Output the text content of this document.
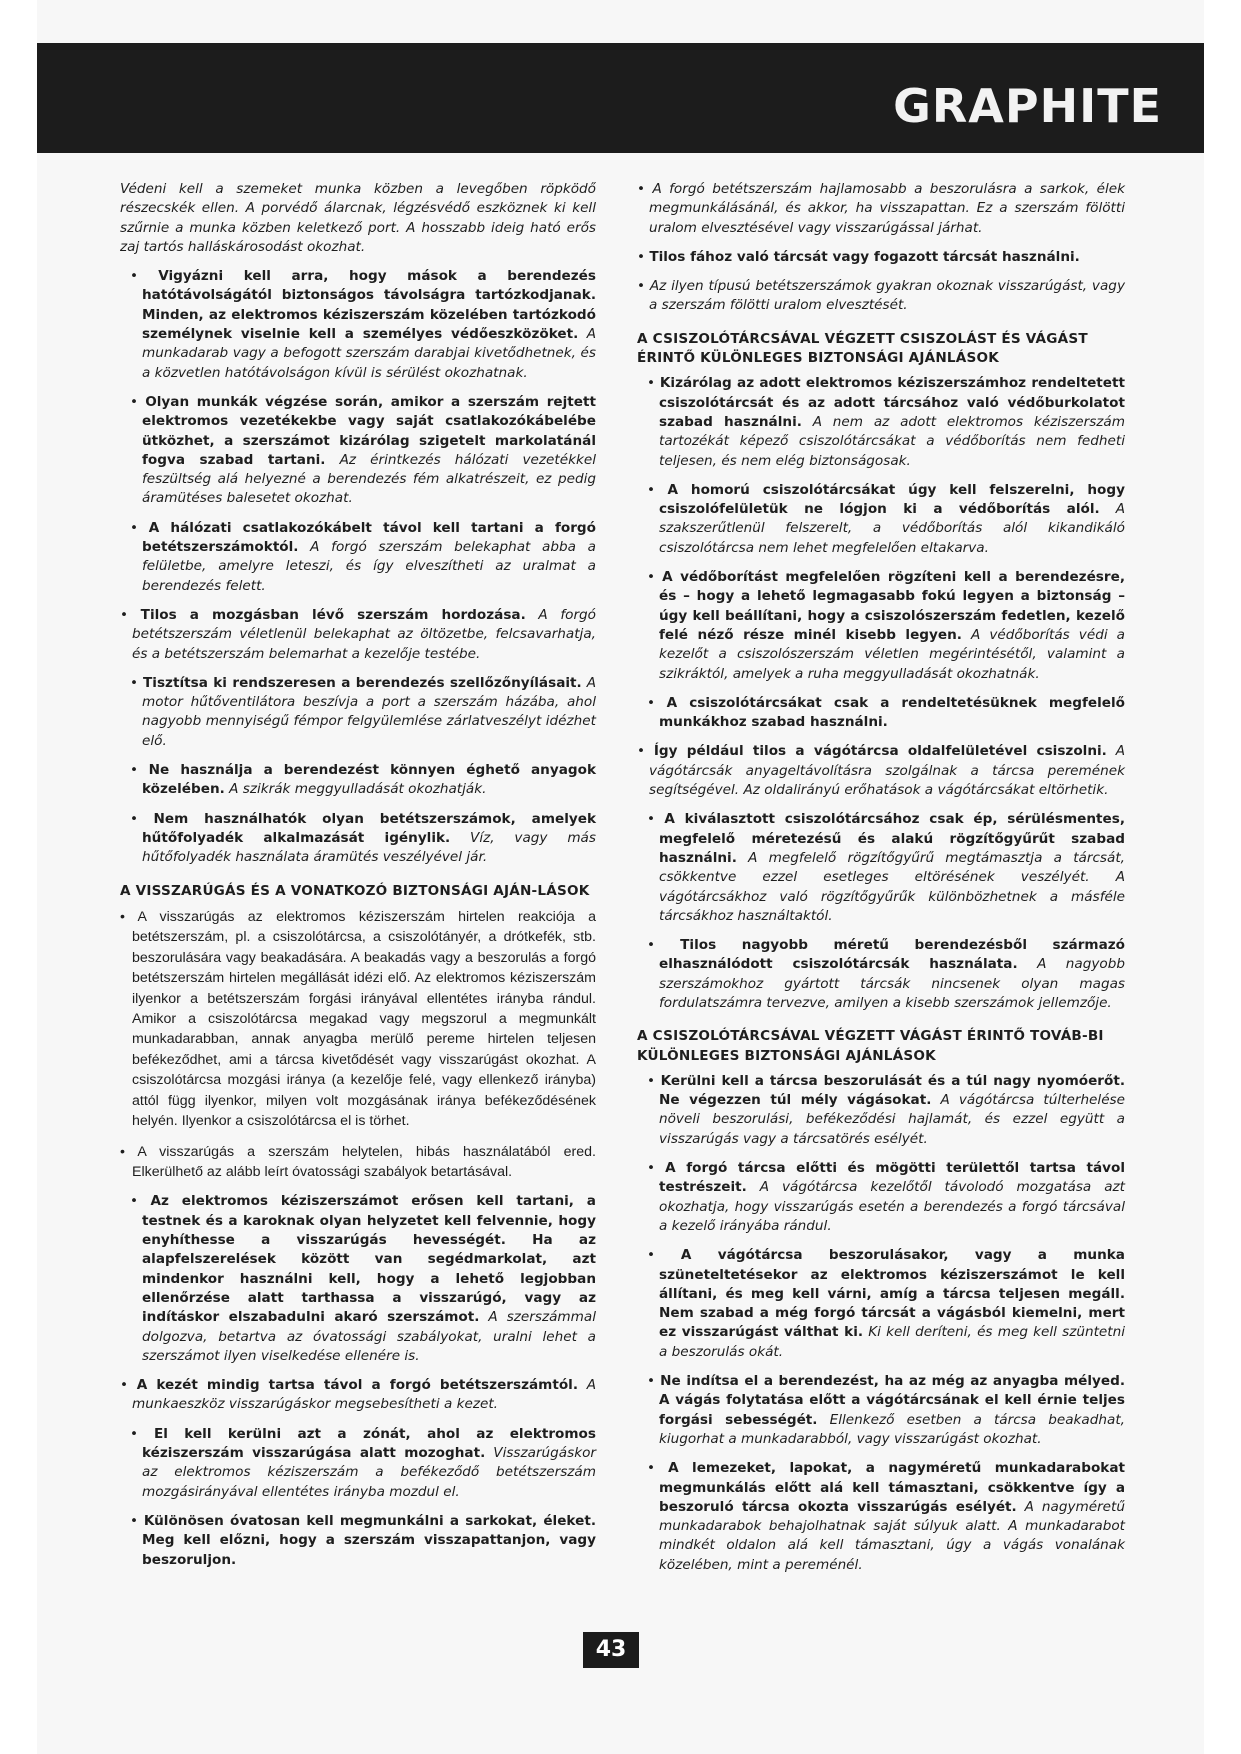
GRAPHITE

Védeni kell a szemeket munka közben a levegőben röpködő részecskék ellen. A porvédő álarcnak, légzésvédő eszköznek ki kell szűrnie a munka közben keletkező port. A hosszabb ideig ható erős zaj tartós halláskárosodást okozhat.

• Vigyázni kell arra, hogy mások a berendezés hatótávolságától biztonságos távolságra tartózkodjanak. Minden, az elektromos kéziszerszám közelében tartózkodó személynek viselnie kell a személyes védőeszközöket. A munkadarab vagy a befogott szerszám darabjai kivetődhetnek, és a közvetlen hatótávolságon kívül is sérülést okozhatnak.

• Olyan munkák végzése során, amikor a szerszám rejtett elektromos vezetékekbe vagy saját csatlakozókábelébe ütközhet, a szerszámot kizárólag szigetelt markolatánál fogva szabad tartani. Az érintkezés hálózati vezetékkel feszültség alá helyezné a berendezés fém alkatrészeit, ez pedig áramütéses balesetet okozhat.

• A hálózati csatlakozókábelt távol kell tartani a forgó betétszerszámoktól. A forgó szerszám belekaphat abba a felületbe, amelyre leteszi, és így elveszítheti az uralmat a berendezés felett.

• Tilos a mozgásban lévő szerszám hordozása. A forgó betétszerszám véletlenül belekaphat az öltözetbe, felcsavarhatja, és a betétszerszám belemarhat a kezelője testébe.

• Tisztítsa ki rendszeresen a berendezés szellőzőnyílásait. A motor hűtőventilátora beszívja a port a szerszám házába, ahol nagyobb mennyiségű fémpor felgyülemlése zárlatveszélyt idézhet elő.

• Ne használja a berendezést könnyen éghető anyagok közelében. A szikrák meggyulladását okozhatják.

• Nem használhatók olyan betétszerszámok, amelyek hűtőfolyadék alkalmazását igénylik. Víz, vagy más hűtőfolyadék használata áramütés veszélyével jár.

A VISSZARÚGÁS ÉS A VONATKOZÓ BIZTONSÁGI AJÁN-LÁSOK

• A visszarúgás az elektromos kéziszerszám hirtelen reakciója a betétszerszám, pl. a csiszolótárcsa, a csiszolótányér, a drótkefék, stb. beszorulására vagy beakadására. A beakadás vagy a beszorulás a forgó betétszerszám hirtelen megállását idézi elő. Az elektromos kéziszerszám ilyenkor a betétszerszám forgási irányával ellentétes irányba rándul. Amikor a csiszolótárcsa megakad vagy megszorul a megmunkált munkadarabban, annak anyagba merülő pereme hirtelen teljesen befékeződhet, ami a tárcsa kivetődését vagy visszarúgást okozhat. A csiszolótárcsa mozgási iránya (a kezelője felé, vagy ellenkező irányba) attól függ ilyenkor, milyen volt mozgásának iránya befékeződésének helyén. Ilyenkor a csiszolótárcsa el is törhet.

• A visszarúgás a szerszám helytelen, hibás használatából ered. Elkerülhető az alább leírt óvatossági szabályok betartásával.

• Az elektromos kéziszerszámot erősen kell tartani, a testnek és a karoknak olyan helyzetet kell felvennie, hogy enyhíthesse a visszarúgás hevességét. Ha az alapfelszerelések között van segédmarkolat, azt mindenkor használni kell, hogy a lehető legjobban ellenőrzése alatt tarthassa a visszarúgó, vagy az indításkor elszabadulni akaró szerszámot. A szerszámmal dolgozva, betartva az óvatossági szabályokat, uralni lehet a szerszámot ilyen viselkedése ellenére is.

• A kezét mindig tartsa távol a forgó betétszerszámtól. A munkaeszköz visszarúgáskor megsebesítheti a kezet.

• El kell kerülni azt a zónát, ahol az elektromos kéziszerszám visszarúgása alatt mozoghat. Visszarúgáskor az elektromos kéziszerszám a befékeződő betétszerszám mozgásirányával ellentétes irányba mozdul el.

• Különösen óvatosan kell megmunkálni a sarkokat, éleket. Meg kell előzni, hogy a szerszám visszapattanjon, vagy beszoruljon.

• A forgó betétszerszám hajlamosabb a beszorulásra a sarkok, élek megmunkálásánál, és akkor, ha visszapattan. Ez a szerszám fölötti uralom elvesztésével vagy visszarúgással járhat.

• Tilos fához való tárcsát vagy fogazott tárcsát használni.

• Az ilyen típusú betétszerszámok gyakran okoznak visszarúgást, vagy a szerszám fölötti uralom elvesztését.

A CSISZOLÓTÁRCSÁVAL VÉGZETT CSISZOLÁST ÉS VÁGÁST ÉRINTŐ KÜLÖNLEGES BIZTONSÁGI AJÁNLÁSOK

• Kizárólag az adott elektromos kéziszerszámhoz rendeltetett csiszolótárcsát és az adott tárcsához való védőburkolatot szabad használni. A nem az adott elektromos kéziszerszám tartozékát képező csiszolótárcsákat a védőborítás nem fedheti teljesen, és nem elég biztonságosak.

• A homorú csiszolótárcsákat úgy kell felszerelni, hogy csiszolófelületük ne lógjon ki a védőborítás alól. A szakszerűtlenül felszerelt, a védőborítás alól kikandikáló csiszolótárcsa nem lehet megfelelően eltakarva.

• A védőborítást megfelelően rögzíteni kell a berendezésre, és – hogy a lehető legmagasabb fokú legyen a biztonság – úgy kell beállítani, hogy a csiszolószerszám fedetlen, kezelő felé néző része minél kisebb legyen. A védőborítás védi a kezelőt a csiszolószerszám véletlen megérintésétől, valamint a szikráktól, amelyek a ruha meggyulladását okozhatnák.

• A csiszolótárcsákat csak a rendeltetésüknek megfelelő munkákhoz szabad használni.

• Így például tilos a vágótárcsa oldalfelületével csiszolni. A vágótárcsák anyageltávolításra szolgálnak a tárcsa peremének segítségével. Az oldalirányú erőhatások a vágótárcsákat eltörhetik.

• A kiválasztott csiszolótárcsához csak ép, sérülésmentes, megfelelő méretezésű és alakú rögzítőgyűrűt szabad használni. A megfelelő rögzítőgyűrű megtámasztja a tárcsát, csökkentve ezzel esetleges eltörésének veszélyét. A vágótárcsákhoz való rögzítőgyűrűk különbözhetnek a másféle tárcsákhoz használtaktól.

• Tilos nagyobb méretű berendezésből származó elhasználódott csiszolótárcsák használata. A nagyobb szerszámokhoz gyártott tárcsák nincsenek olyan magas fordulatszámra tervezve, amilyen a kisebb szerszámok jellemzője.

A CSISZOLÓTÁRCSÁVAL VÉGZETT VÁGÁST ÉRINTŐ TOVÁB-BI KÜLÖNLEGES BIZTONSÁGI AJÁNLÁSOK

• Kerülni kell a tárcsa beszorulását és a túl nagy nyomóerőt. Ne végezzen túl mély vágásokat. A vágótárcsa túlterhelése növeli beszorulási, befékeződési hajlamát, és ezzel együtt a visszarúgás vagy a tárcsatörés esélyét.

• A forgó tárcsa előtti és mögötti területtől tartsa távol testrészeit. A vágótárcsa kezelőtől távolodó mozgatása azt okozhatja, hogy visszarúgás esetén a berendezés a forgó tárcsával a kezelő irányába rándul.

• A vágótárcsa beszorulásakor, vagy a munka szüneteltetésekor az elektromos kéziszerszámot le kell állítani, és meg kell várni, amíg a tárcsa teljesen megáll. Nem szabad a még forgó tárcsát a vágásból kiemelni, mert ez visszarúgást válthat ki. Ki kell deríteni, és meg kell szüntetni a beszorulás okát.

• Ne indítsa el a berendezést, ha az még az anyagba mélyed. A vágás folytatása előtt a vágótárcsának el kell érnie teljes forgási sebességét. Ellenkező esetben a tárcsa beakadhat, kiugorhat a munkadarabból, vagy visszarúgást okozhat.

• A lemezeket, lapokat, a nagyméretű munkadarabokat megmunkálás előtt alá kell támasztani, csökkentve így a beszoruló tárcsa okozta visszarúgás esélyét. A nagyméretű munkadarabok behajolhatnak saját súlyuk alatt. A munkadarabot mindkét oldalon alá kell támasztani, úgy a vágás vonalának közelében, mint a pereménél.

43
